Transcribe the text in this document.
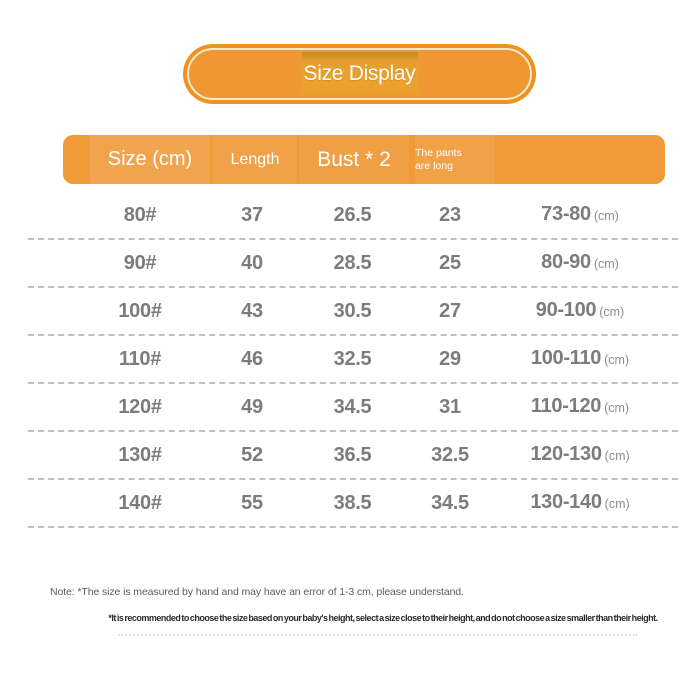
Size Display
Size (cm)	Length	Bust * 2	The pants
are long
80#	37	26.5	23	73-80 (cm)
90#	40	28.5	25	80-90 (cm)
100#	43	30.5	27	90-100 (cm)
110#	46	32.5	29	100-110 (cm)
120#	49	34.5	31	110-120 (cm)
130#	52	36.5	32.5	120-130 (cm)
140#	55	38.5	34.5	130-140 (cm)
Note: *The size is measured by hand and may have an error of 1-3 cm, please understand.
*It is recommended to choose the size based on your baby's height, select a size close to their height, and do not choose a size smaller than their height.
